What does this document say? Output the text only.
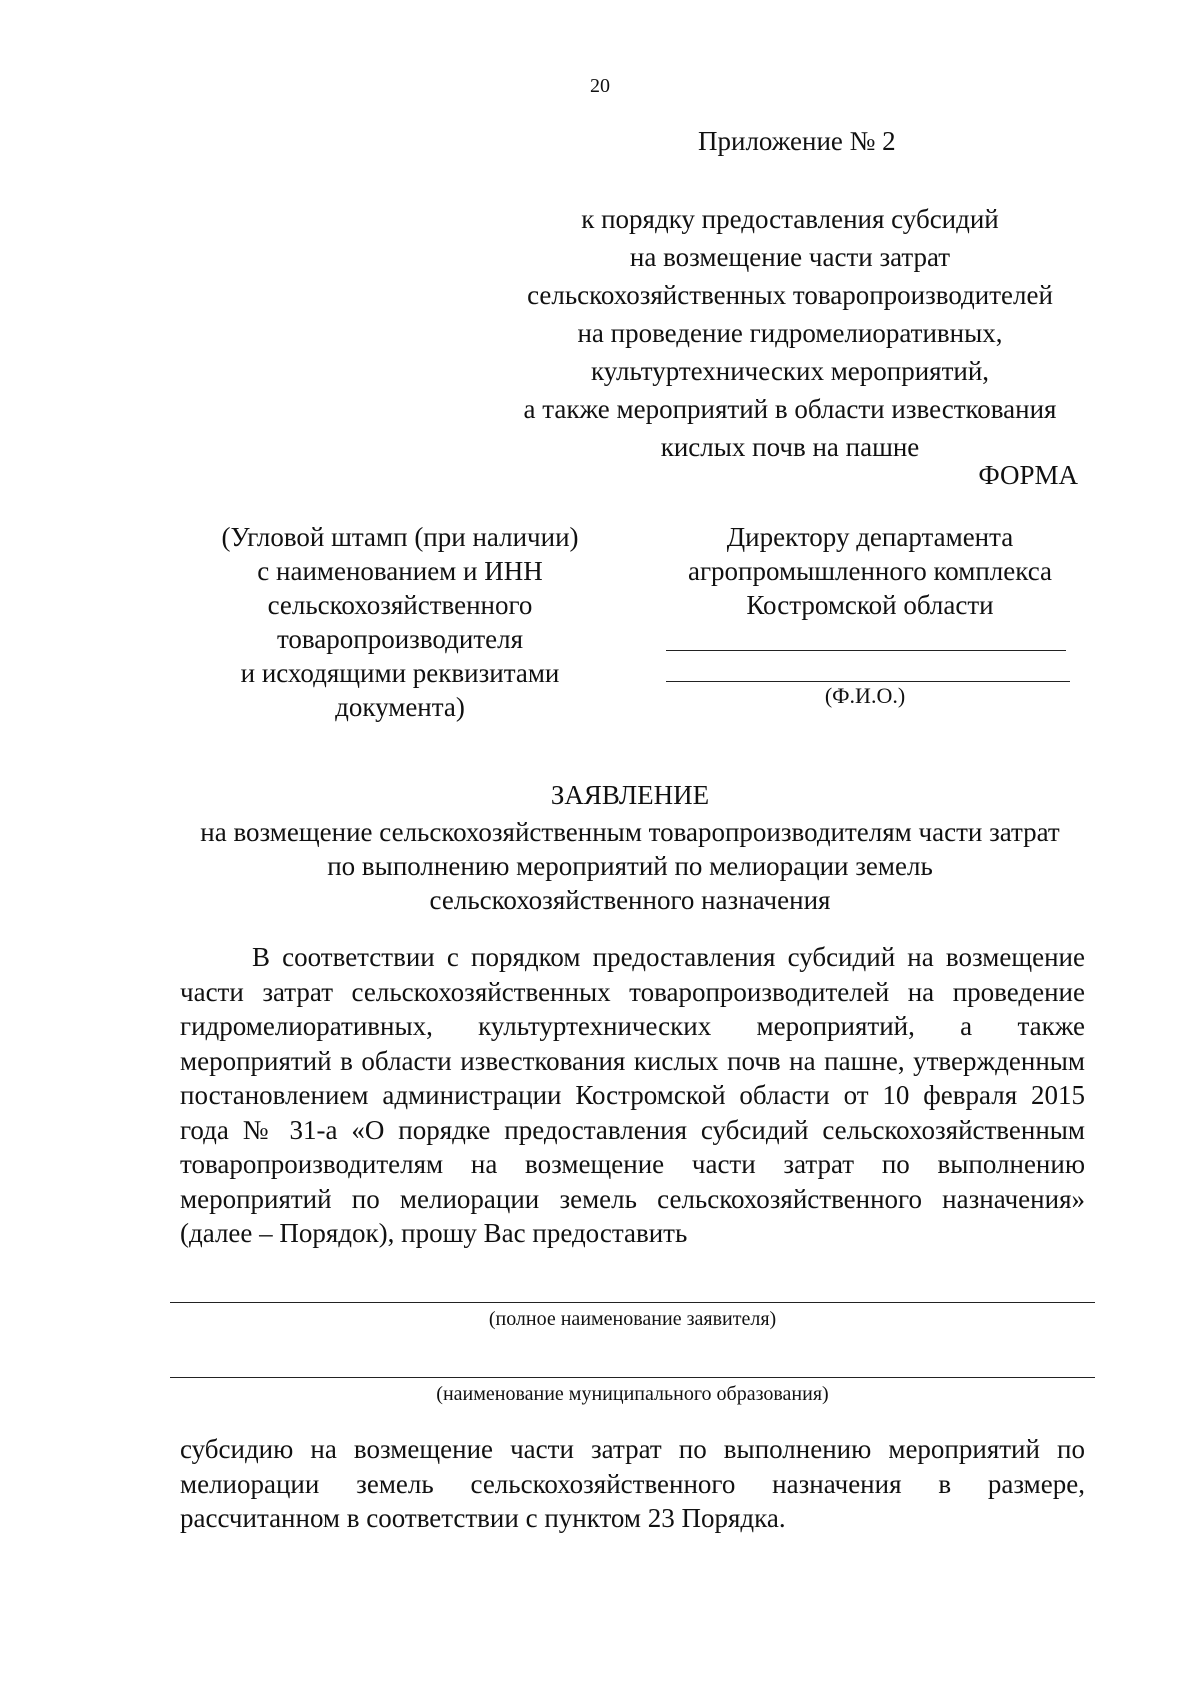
20
Приложение № 2
к порядку предоставления субсидий
на возмещение части затрат
сельскохозяйственных товаропроизводителей
на проведение гидромелиоративных,
культуртехнических мероприятий,
а также мероприятий в области известкования
кислых почв на пашне
ФОРМА
(Угловой штамп (при наличии)
с наименованием и ИНН
сельскохозяйственного
товаропроизводителя
и исходящими реквизитами
документа)
Директору департамента
агропромышленного комплекса
Костромской области
(Ф.И.О.)
ЗАЯВЛЕНИЕ
на возмещение сельскохозяйственным товаропроизводителям части затрат
по выполнению мероприятий по мелиорации земель
сельскохозяйственного назначения
В соответствии с порядком предоставления субсидий на возмещение части затрат сельскохозяйственных товаропроизводителей на проведение гидромелиоративных, культуртехнических мероприятий, а также мероприятий в области известкования кислых почв на пашне, утвержденным постановлением администрации Костромской области от 10 февраля 2015 года № 31-а «О порядке предоставления субсидий сельскохозяйственным товаропроизводителям на возмещение части затрат по выполнению мероприятий по мелиорации земель сельскохозяйственного назначения» (далее – Порядок), прошу Вас предоставить
(полное наименование заявителя)
(наименование муниципального образования)
субсидию на возмещение части затрат по выполнению мероприятий по мелиорации земель сельскохозяйственного назначения в размере, рассчитанном в соответствии с пунктом 23 Порядка.
